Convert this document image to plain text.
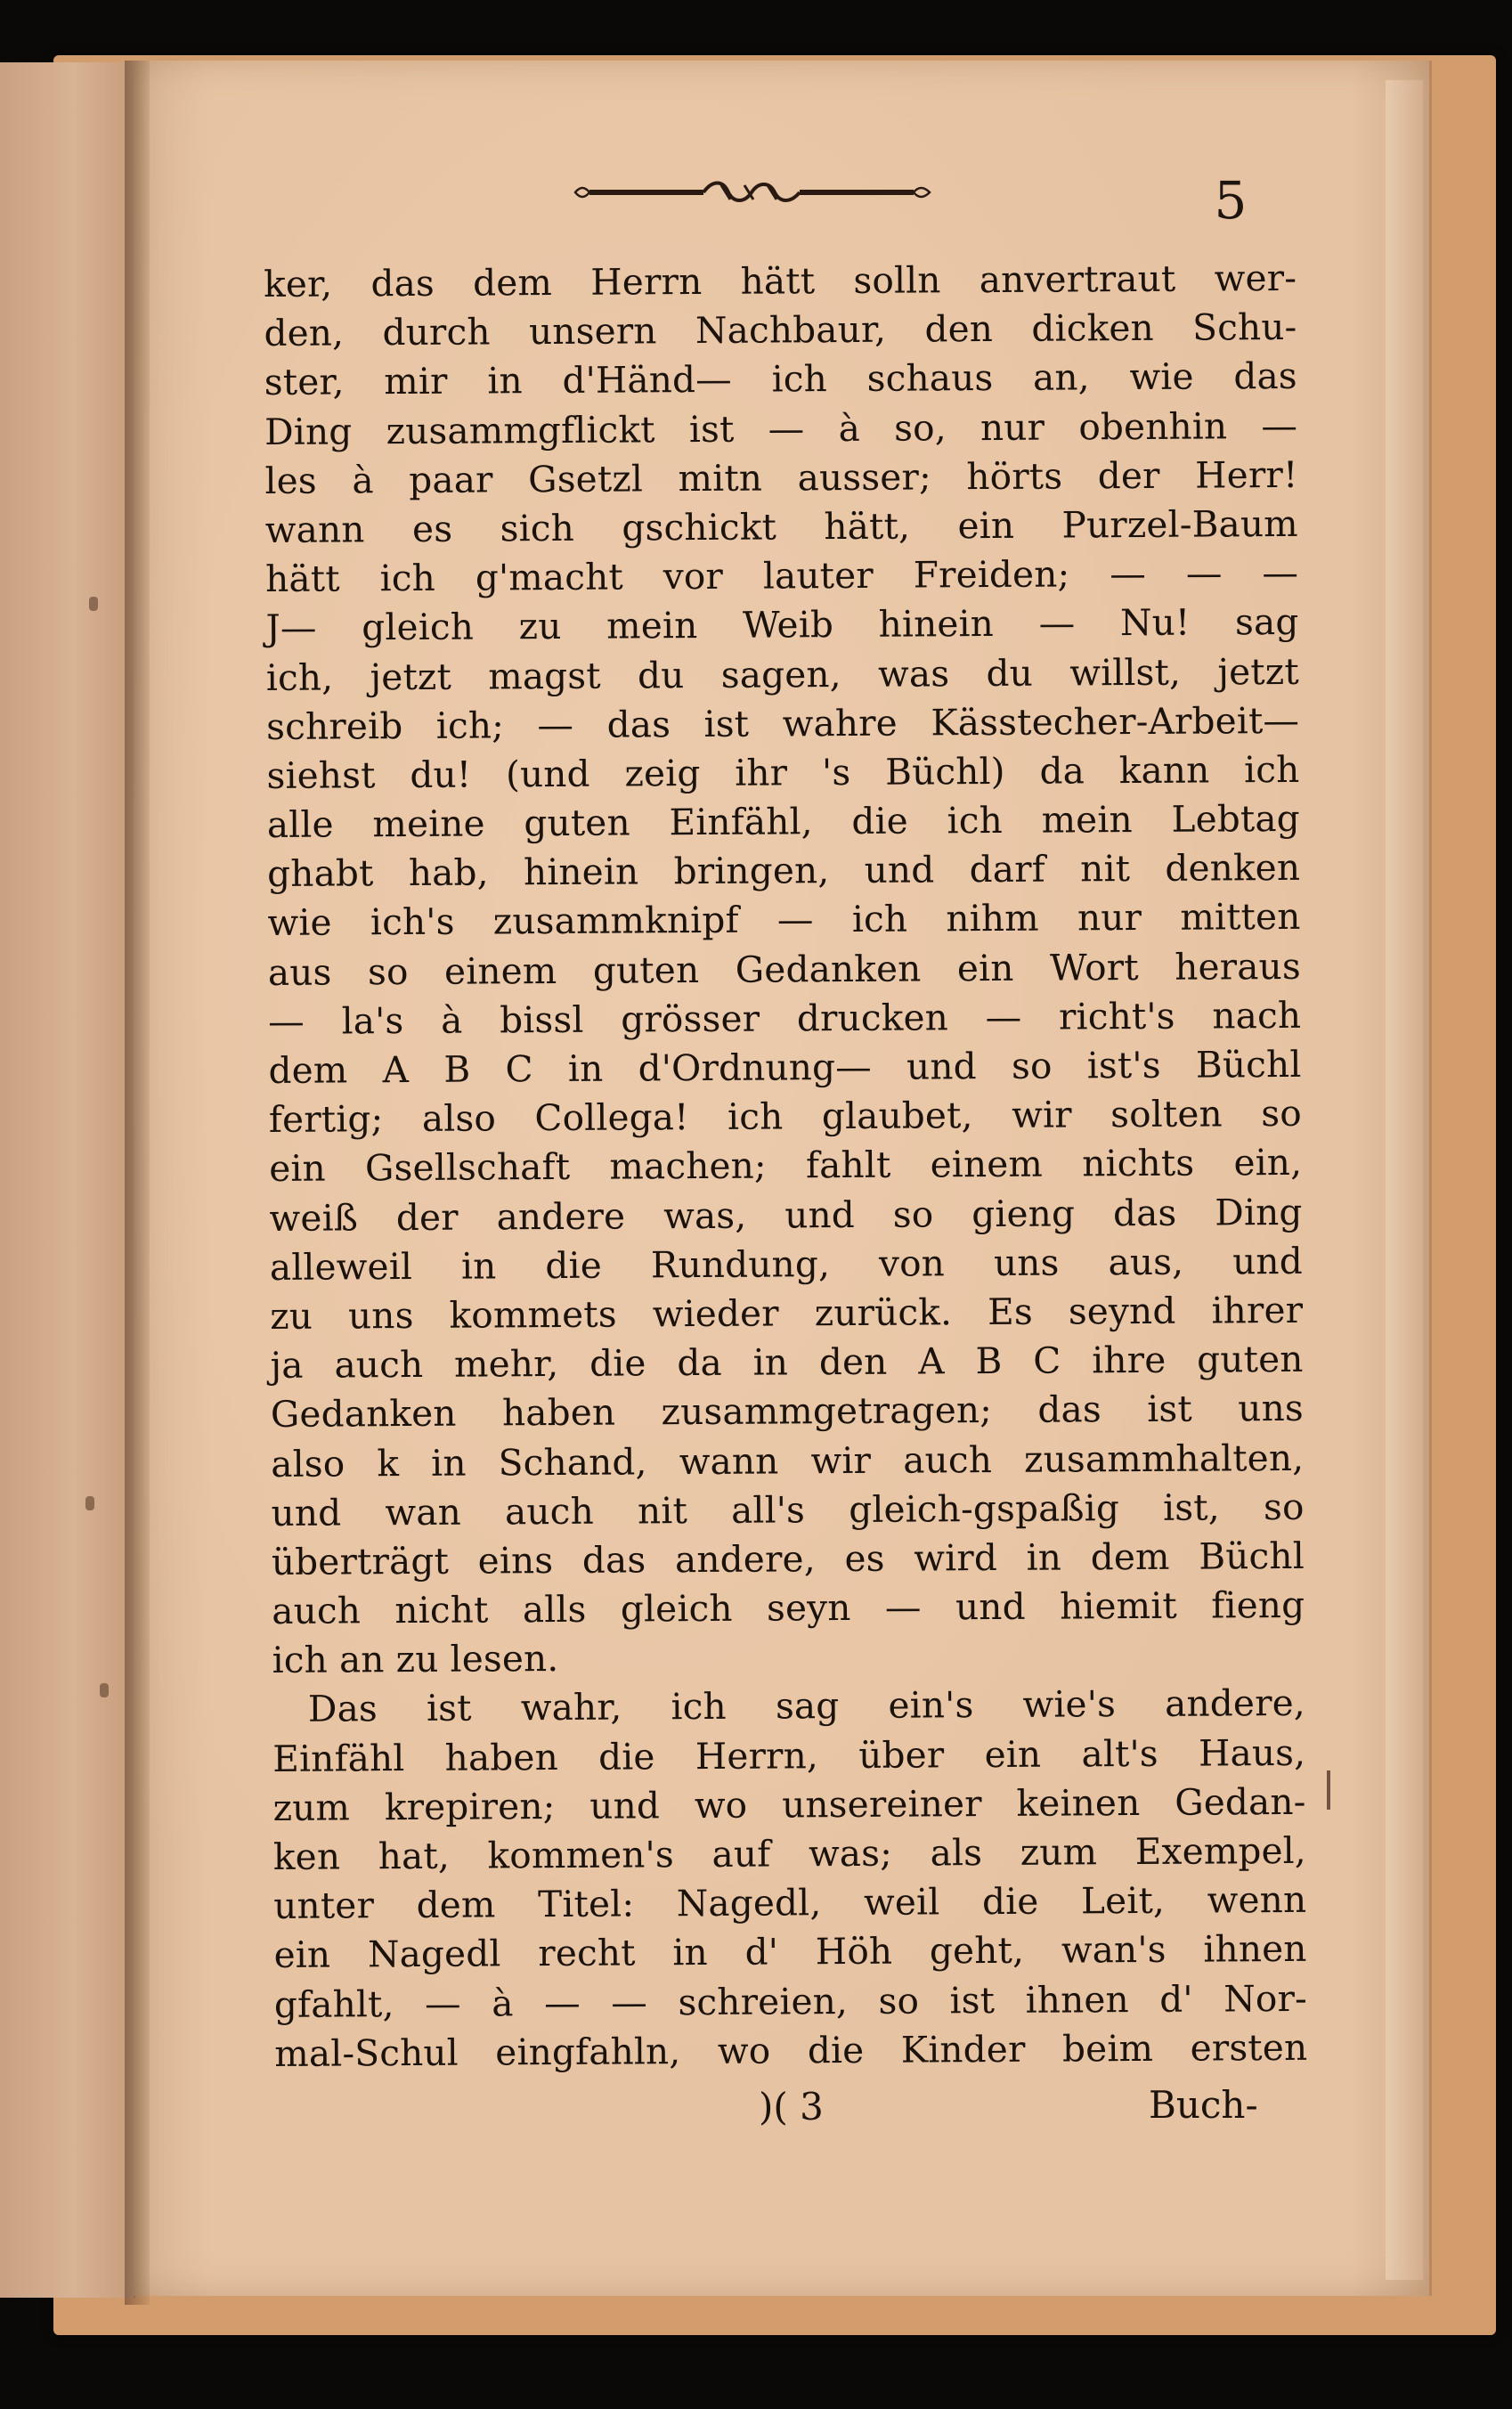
5
ker, das dem Herrn hätt solln anvertraut wer-
den, durch unsern Nachbaur, den dicken Schu-
ster, mir in d'Händ— ich schaus an, wie das
Ding zusammgflickt ist — à so, nur obenhin —
les à paar Gsetzl mitn ausser; hörts der Herr!
wann es sich gschickt hätt, ein Purzel-Baum
hätt ich g'macht vor lauter Freiden; — — —
J— gleich zu mein Weib hinein — Nu! sag
ich, jetzt magst du sagen, was du willst, jetzt
schreib ich; — das ist wahre Kässtecher-Arbeit—
siehst du! (und zeig ihr 's Büchl) da kann ich
alle meine guten Einfähl, die ich mein Lebtag
ghabt hab, hinein bringen, und darf nit denken
wie ich's zusammknipf — ich nihm nur mitten
aus so einem guten Gedanken ein Wort heraus
— la's à bissl grösser drucken — richt's nach
dem A B C in d'Ordnung— und so ist's Büchl
fertig; also Collega! ich glaubet, wir solten so
ein Gsellschaft machen; fahlt einem nichts ein,
weiß der andere was, und so gieng das Ding
alleweil in die Rundung, von uns aus, und
zu uns kommets wieder zurück. Es seynd ihrer
ja auch mehr, die da in den A B C ihre guten
Gedanken haben zusammgetragen; das ist uns
also k in Schand, wann wir auch zusammhalten,
und wan auch nit all's gleich-gspaßig ist, so
überträgt eins das andere, es wird in dem Büchl
auch nicht alls gleich seyn — und hiemit fieng
ich an zu lesen.
Das ist wahr, ich sag ein's wie's andere,
Einfähl haben die Herrn, über ein alt's Haus,
zum krepiren; und wo unsereiner keinen Gedan-
ken hat, kommen's auf was; als zum Exempel,
unter dem Titel: Nagedl, weil die Leit, wenn
ein Nagedl recht in d' Höh geht, wan's ihnen
gfahlt, — à — — schreien, so ist ihnen d' Nor-
mal-Schul eingfahln, wo die Kinder beim ersten
)( 3	Buch-
